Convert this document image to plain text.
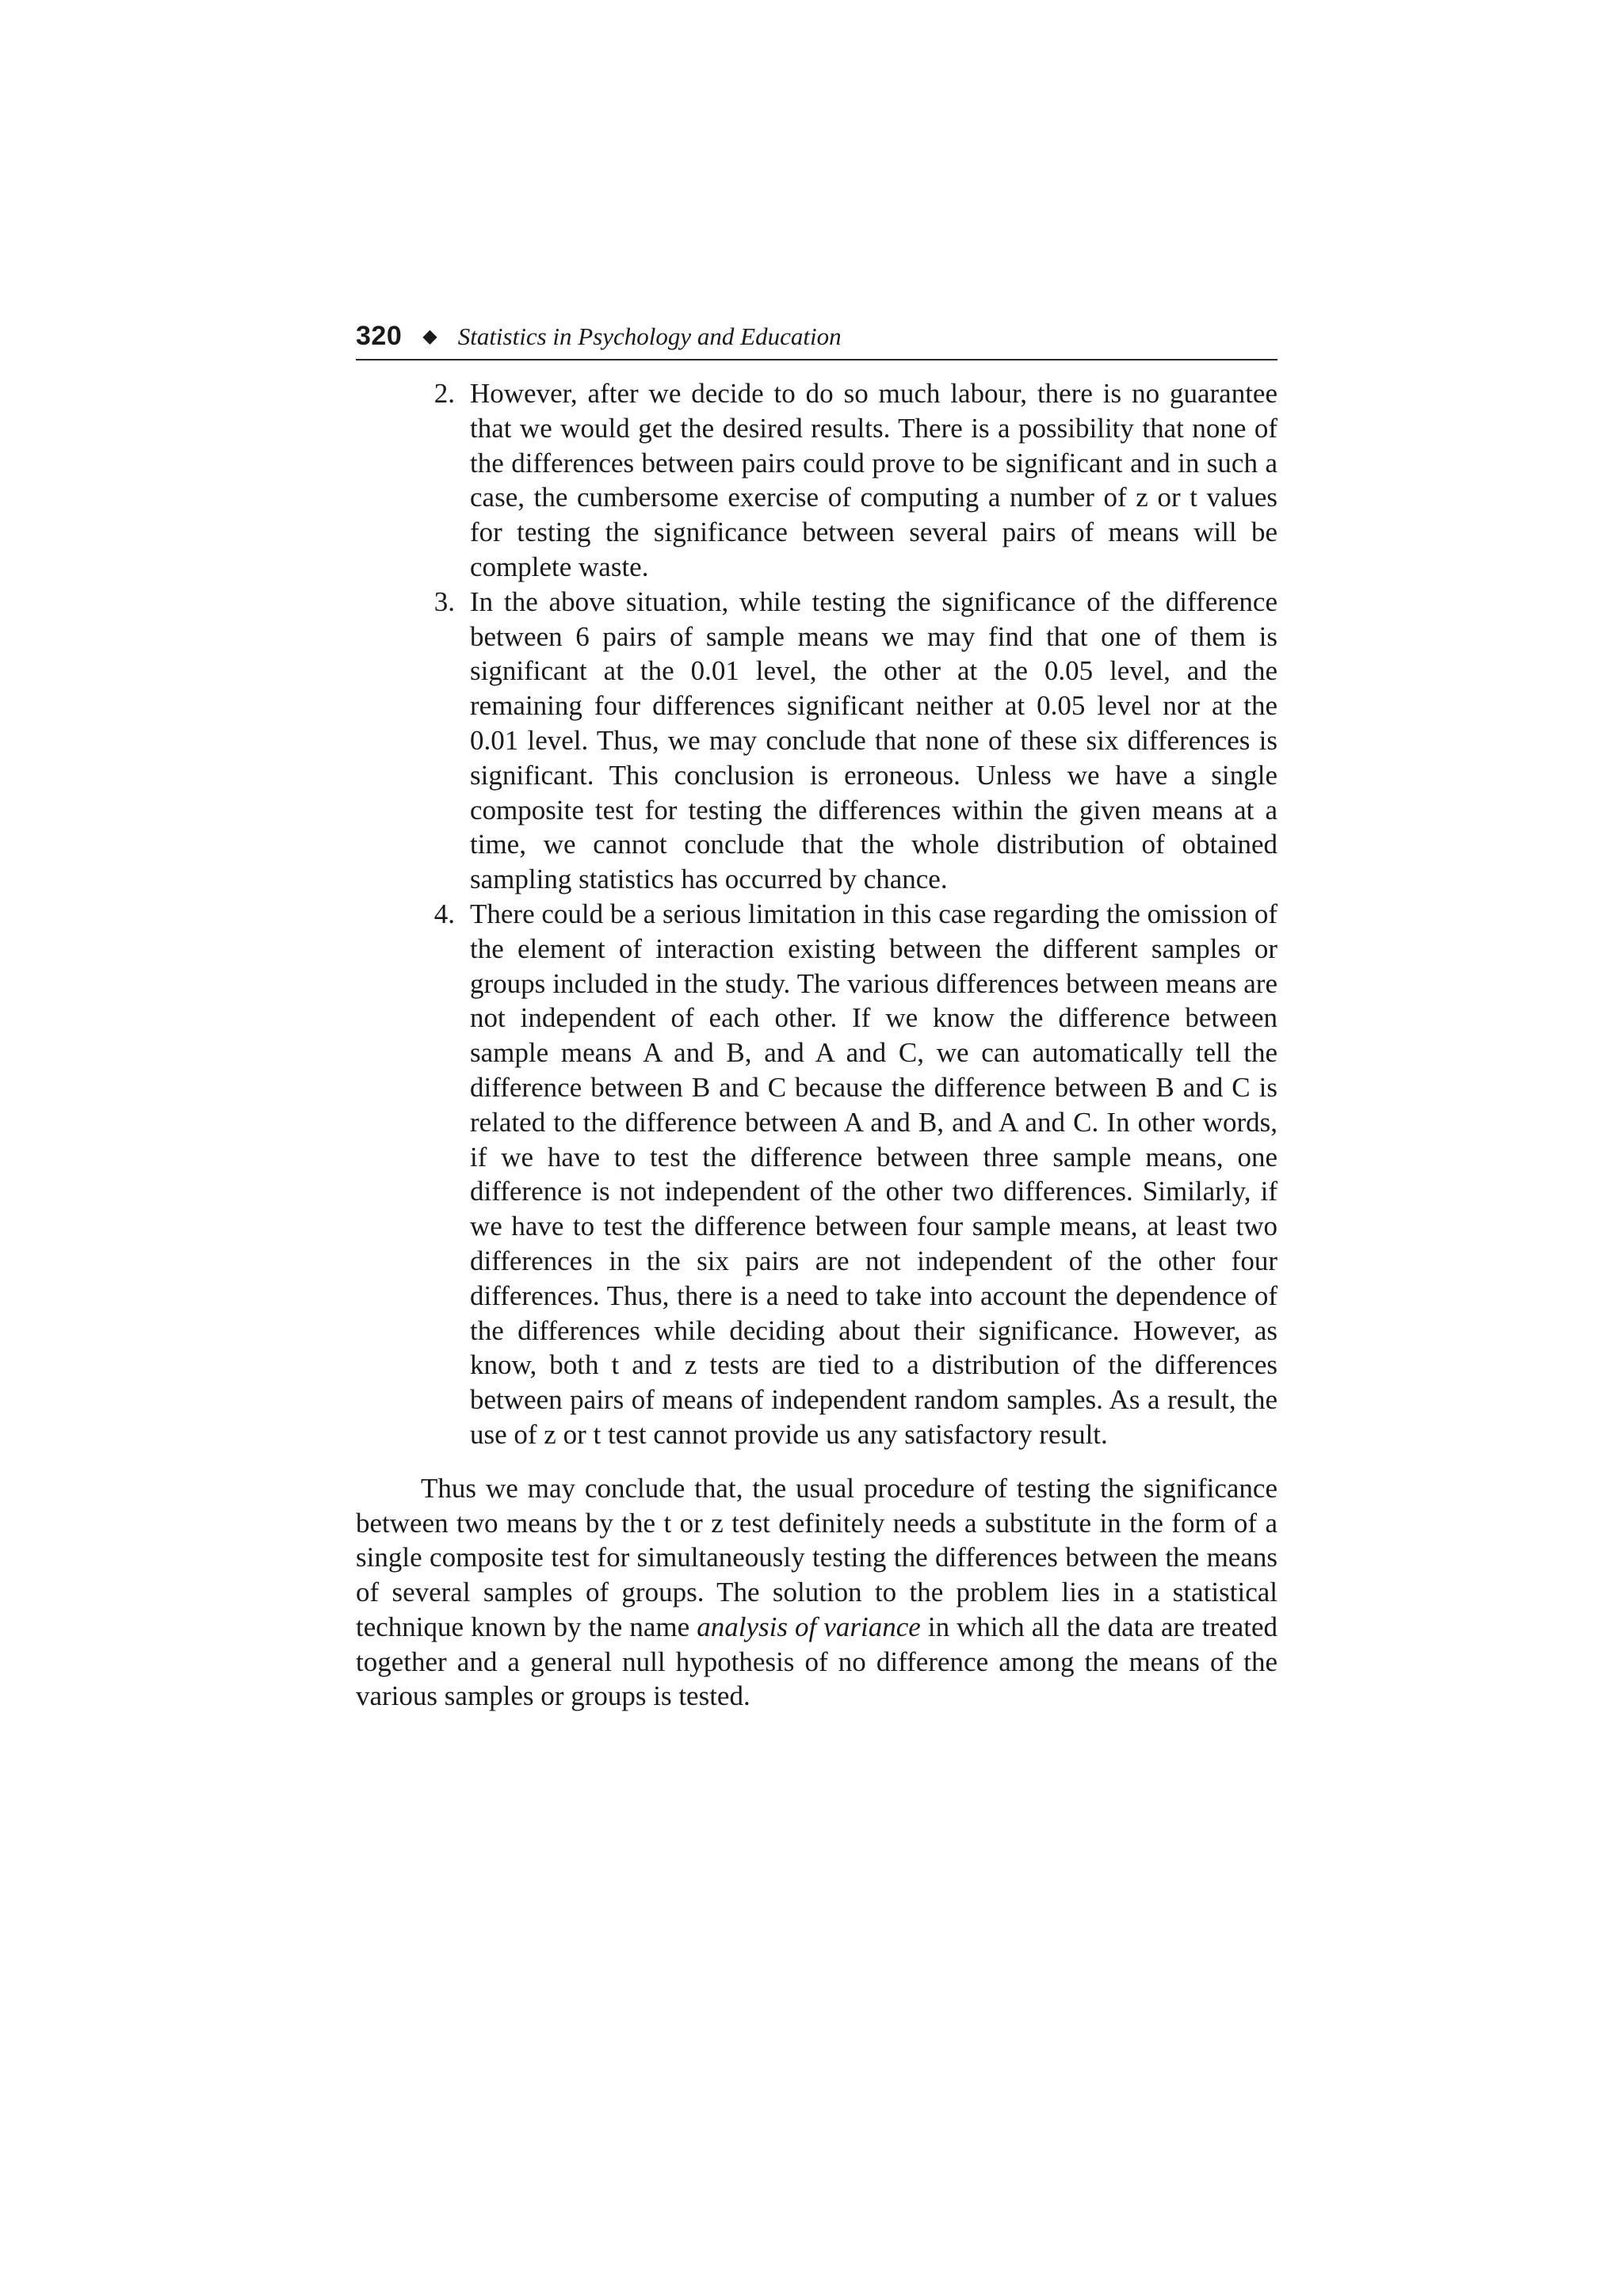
320 ◆ Statistics in Psychology and Education
2. However, after we decide to do so much labour, there is no guarantee that we would get the desired results. There is a possibility that none of the differences between pairs could prove to be significant and in such a case, the cumbersome exercise of computing a number of z or t values for testing the significance between several pairs of means will be complete waste.

3. In the above situation, while testing the significance of the difference between 6 pairs of sample means we may find that one of them is significant at the 0.01 level, the other at the 0.05 level, and the remaining four differences significant neither at 0.05 level nor at the 0.01 level. Thus, we may conclude that none of these six differences is significant. This conclusion is erroneous. Unless we have a single composite test for testing the differences within the given means at a time, we cannot conclude that the whole distribution of obtained sampling statistics has occurred by chance.

4. There could be a serious limitation in this case regarding the omission of the element of interaction existing between the different samples or groups included in the study. The various differences between means are not independent of each other. If we know the difference between sample means A and B, and A and C, we can automatically tell the difference between B and C because the difference between B and C is related to the difference between A and B, and A and C. In other words, if we have to test the difference between three sample means, one difference is not independent of the other two differences. Similarly, if we have to test the difference between four sample means, at least two differences in the six pairs are not independent of the other four differences. Thus, there is a need to take into account the dependence of the differences while deciding about their significance. However, as know, both t and z tests are tied to a distribution of the differences between pairs of means of independent random samples. As a result, the use of z or t test cannot provide us any satisfactory result.

Thus we may conclude that, the usual procedure of testing the significance between two means by the t or z test definitely needs a substitute in the form of a single composite test for simultaneously testing the differences between the means of several samples of groups. The solution to the problem lies in a statistical technique known by the name analysis of variance in which all the data are treated together and a general null hypothesis of no difference among the means of the various samples or groups is tested.
